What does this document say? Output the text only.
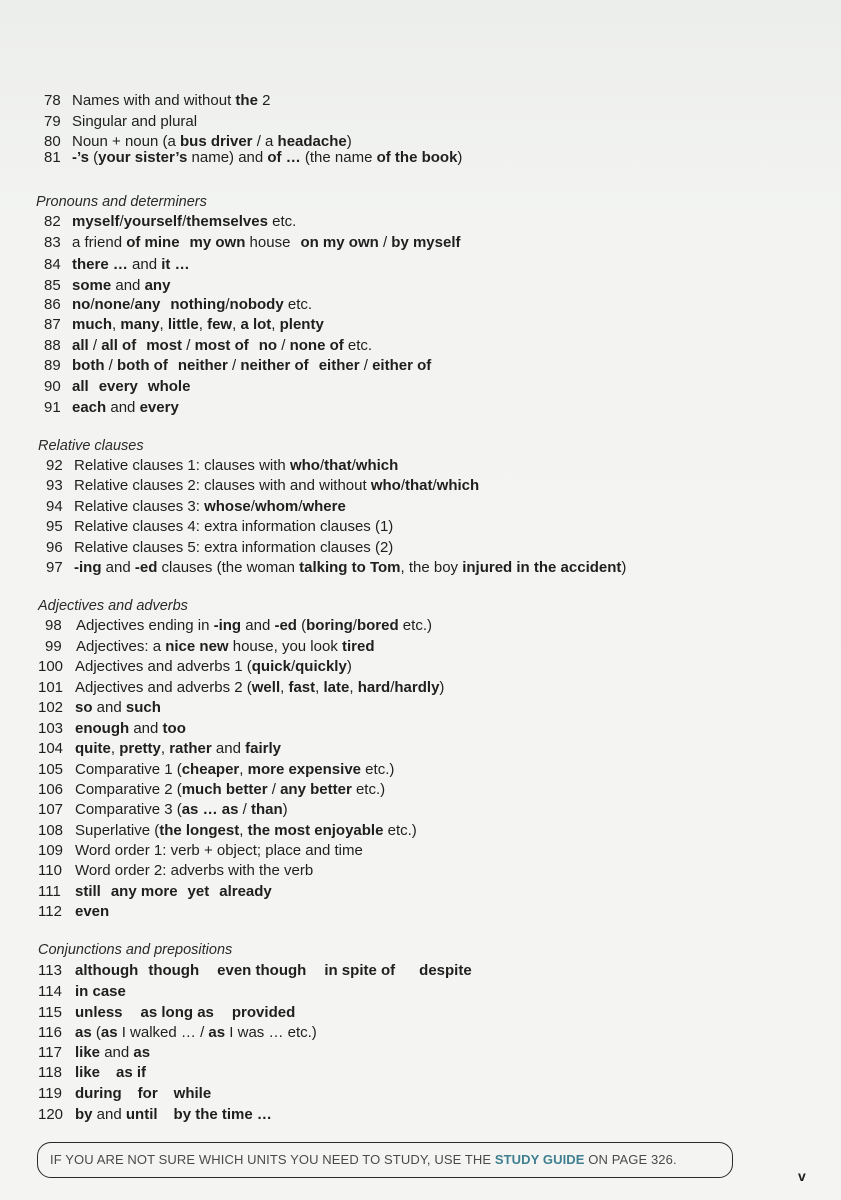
78 Names with and without the 2
79 Singular and plural
80 Noun + noun (a bus driver / a headache)
81 -’s (your sister’s name) and of … (the name of the book)
Pronouns and determiners
82 myself/yourself/themselves etc.
83 a friend of mine my own house on my own / by myself
84 there … and it …
85 some and any
86 no/none/any nothing/nobody etc.
87 much, many, little, few, a lot, plenty
88 all / all of most / most of no / none of etc.
89 both / both of neither / neither of either / either of
90 all every whole
91 each and every
Relative clauses
92 Relative clauses 1: clauses with who/that/which
93 Relative clauses 2: clauses with and without who/that/which
94 Relative clauses 3: whose/whom/where
95 Relative clauses 4: extra information clauses (1)
96 Relative clauses 5: extra information clauses (2)
97 -ing and -ed clauses (the woman talking to Tom, the boy injured in the accident)
Adjectives and adverbs
98 Adjectives ending in -ing and -ed (boring/bored etc.)
99 Adjectives: a nice new house, you look tired
100 Adjectives and adverbs 1 (quick/quickly)
101 Adjectives and adverbs 2 (well, fast, late, hard/hardly)
102 so and such
103 enough and too
104 quite, pretty, rather and fairly
105 Comparative 1 (cheaper, more expensive etc.)
106 Comparative 2 (much better / any better etc.)
107 Comparative 3 (as … as / than)
108 Superlative (the longest, the most enjoyable etc.)
109 Word order 1: verb + object; place and time
110 Word order 2: adverbs with the verb
111 still any more yet already
112 even
Conjunctions and prepositions
113 although though even though in spite of despite
114 in case
115 unless as long as provided
116 as (as I walked … / as I was … etc.)
117 like and as
118 like as if
119 during for while
120 by and until by the time …
IF YOU ARE NOT SURE WHICH UNITS YOU NEED TO STUDY, USE THE STUDY GUIDE ON PAGE 326.
v
